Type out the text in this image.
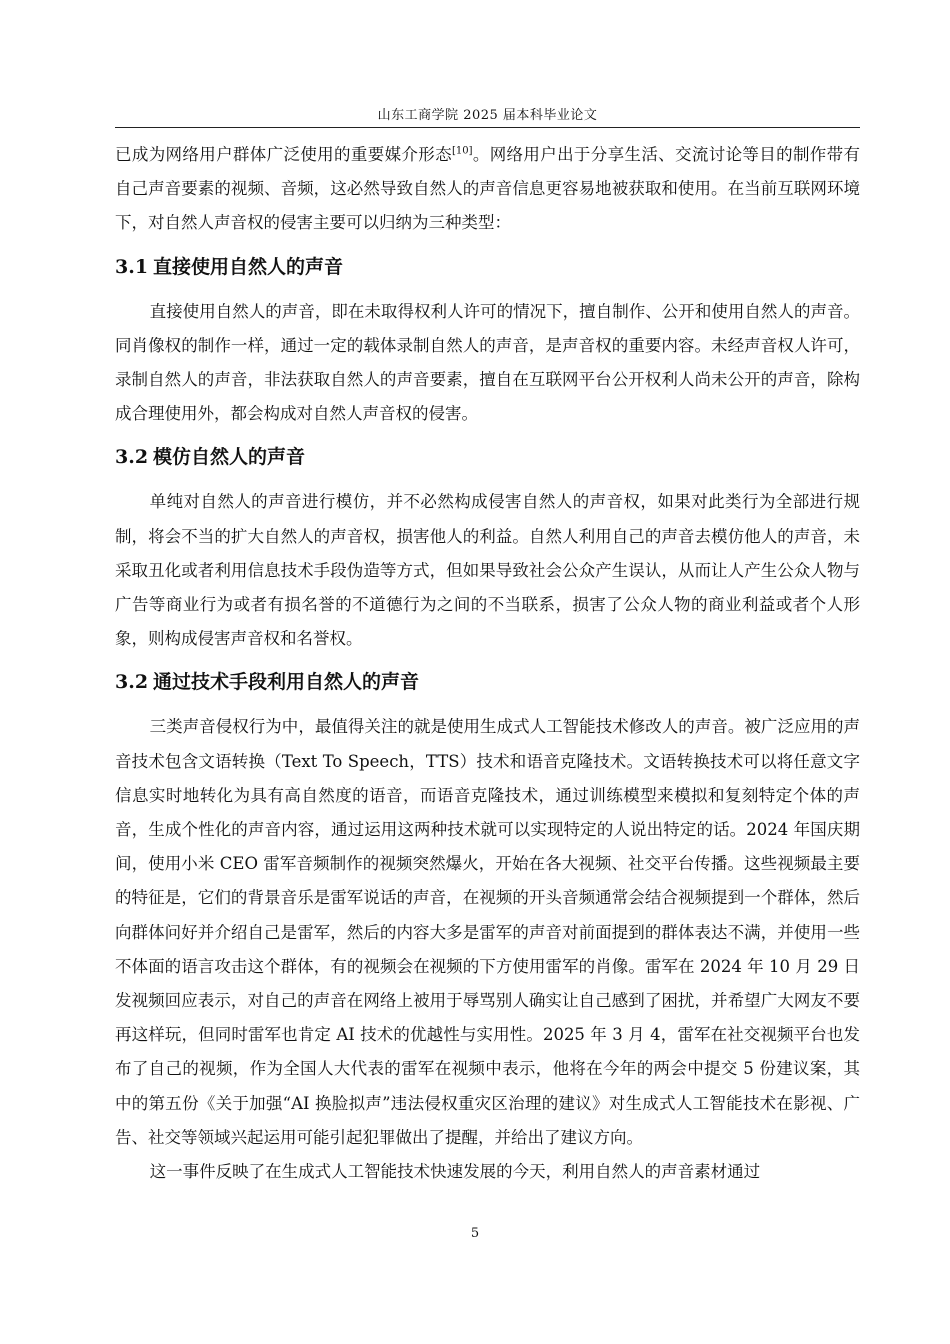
山东工商学院 2025 届本科毕业论文

已成为网络用户群体广泛使用的重要媒介形态[10]。网络用户出于分享生活、交流讨论等目的制作带有自己声音要素的视频、音频，这必然导致自然人的声音信息更容易地被获取和使用。在当前互联网环境下，对自然人声音权的侵害主要可以归纳为三种类型：

3.1 直接使用自然人的声音

直接使用自然人的声音，即在未取得权利人许可的情况下，擅自制作、公开和使用自然人的声音。同肖像权的制作一样，通过一定的载体录制自然人的声音，是声音权的重要内容。未经声音权人许可，录制自然人的声音，非法获取自然人的声音要素，擅自在互联网平台公开权利人尚未公开的声音，除构成合理使用外，都会构成对自然人声音权的侵害。

3.2 模仿自然人的声音

单纯对自然人的声音进行模仿，并不必然构成侵害自然人的声音权，如果对此类行为全部进行规制，将会不当的扩大自然人的声音权，损害他人的利益。自然人利用自己的声音去模仿他人的声音，未采取丑化或者利用信息技术手段伪造等方式，但如果导致社会公众产生误认，从而让人产生公众人物与广告等商业行为或者有损名誉的不道德行为之间的不当联系，损害了公众人物的商业利益或者个人形象，则构成侵害声音权和名誉权。

3.2 通过技术手段利用自然人的声音

三类声音侵权行为中，最值得关注的就是使用生成式人工智能技术修改人的声音。被广泛应用的声音技术包含文语转换（Text To Speech，TTS）技术和语音克隆技术。文语转换技术可以将任意文字信息实时地转化为具有高自然度的语音，而语音克隆技术，通过训练模型来模拟和复刻特定个体的声音，生成个性化的声音内容，通过运用这两种技术就可以实现特定的人说出特定的话。2024 年国庆期间，使用小米 CEO 雷军音频制作的视频突然爆火，开始在各大视频、社交平台传播。这些视频最主要的特征是，它们的背景音乐是雷军说话的声音，在视频的开头音频通常会结合视频提到一个群体，然后向群体问好并介绍自己是雷军，然后的内容大多是雷军的声音对前面提到的群体表达不满，并使用一些不体面的语言攻击这个群体，有的视频会在视频的下方使用雷军的肖像。雷军在 2024 年 10 月 29 日发视频回应表示，对自己的声音在网络上被用于辱骂别人确实让自己感到了困扰，并希望广大网友不要再这样玩，但同时雷军也肯定 AI 技术的优越性与实用性。2025 年 3 月 4，雷军在社交视频平台也发布了自己的视频，作为全国人大代表的雷军在视频中表示，他将在今年的两会中提交 5 份建议案，其中的第五份《关于加强“AI 换脸拟声”违法侵权重灾区治理的建议》对生成式人工智能技术在影视、广告、社交等领域兴起运用可能引起犯罪做出了提醒，并给出了建议方向。

这一事件反映了在生成式人工智能技术快速发展的今天，利用自然人的声音素材通过

5
